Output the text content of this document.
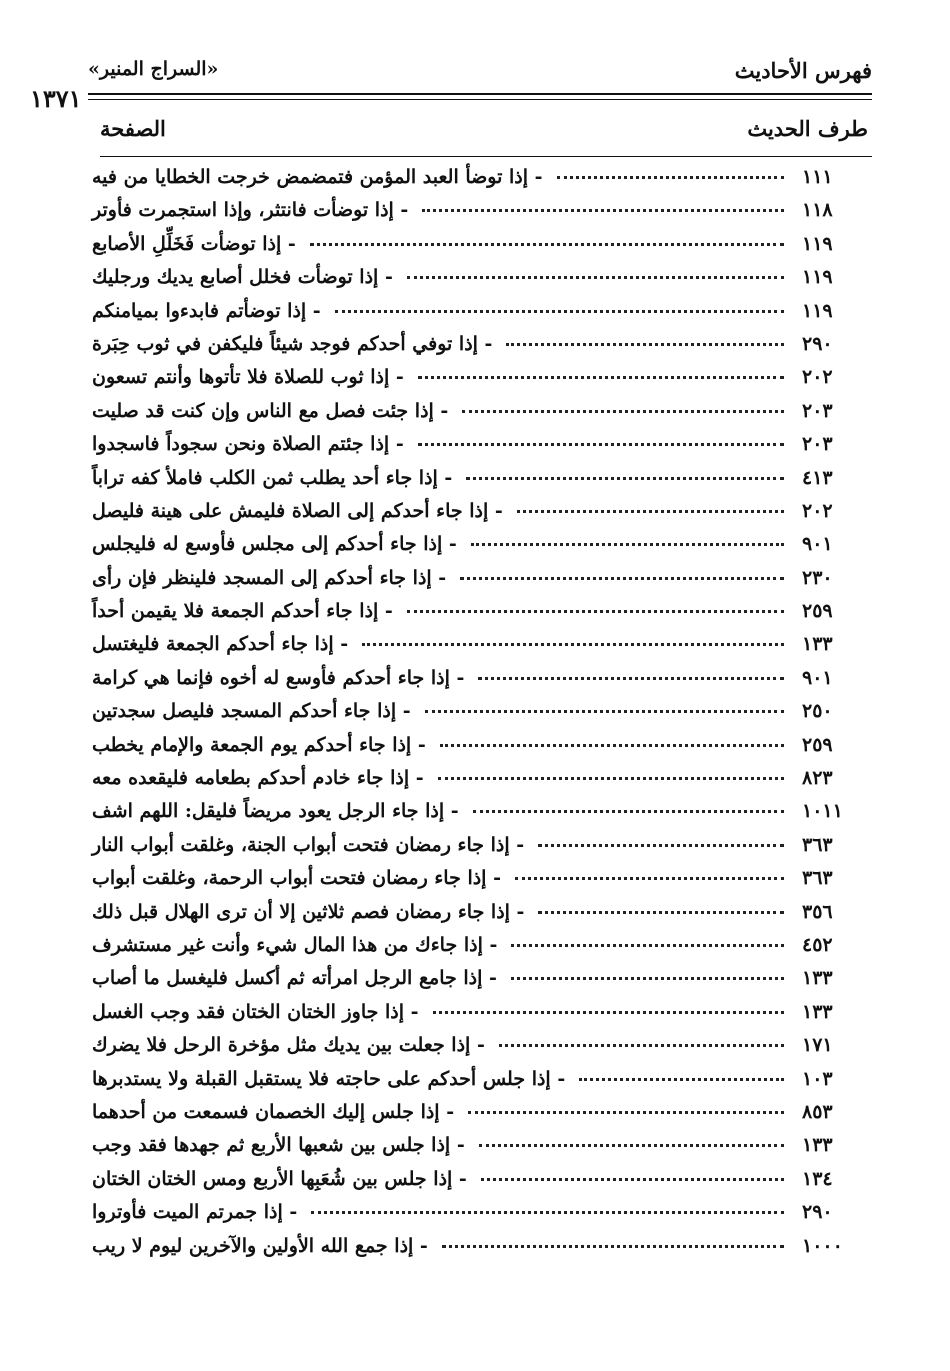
فهرس الأحاديث
«السراج المنير»
١٣٧١
طرف الحديث
الصفحة
- إذا توضأ العبد المؤمن فتمضمض خرجت الخطايا من فيه	١١١
- إذا توضأت فانتثر، وإذا استجمرت فأوتر	١١٨
- إذا توضأت فَخَلِّلِ الأصابع	١١٩
- إذا توضأت فخلل أصابع يديك ورجليك	١١٩
- إذا توضأتم فابدءوا بميامنكم	١١٩
- إذا توفي أحدكم فوجد شيئاً فليكفن في ثوب حِبَرة	٢٩٠
- إذا ثوب للصلاة فلا تأتوها وأنتم تسعون	٢٠٢
- إذا جئت فصل مع الناس وإن كنت قد صليت	٢٠٣
- إذا جئتم الصلاة ونحن سجوداً فاسجدوا	٢٠٣
- إذا جاء أحد يطلب ثمن الكلب فاملأ كفه تراباً	٤١٣
- إذا جاء أحدكم إلى الصلاة فليمش على هينة فليصل	٢٠٢
- إذا جاء أحدكم إلى مجلس فأوسع له فليجلس	٩٠١
- إذا جاء أحدكم إلى المسجد فلينظر فإن رأى	٢٣٠
- إذا جاء أحدكم الجمعة فلا يقيمن أحداً	٢٥٩
- إذا جاء أحدكم الجمعة فليغتسل	١٣٣
- إذا جاء أحدكم فأوسع له أخوه فإنما هي كرامة	٩٠١
- إذا جاء أحدكم المسجد فليصل سجدتين	٢٥٠
- إذا جاء أحدكم يوم الجمعة والإمام يخطب	٢٥٩
- إذا جاء خادم أحدكم بطعامه فليقعده معه	٨٢٣
- إذا جاء الرجل يعود مريضاً فليقل: اللهم اشف	١٠١١
- إذا جاء رمضان فتحت أبواب الجنة، وغلقت أبواب النار	٣٦٣
- إذا جاء رمضان فتحت أبواب الرحمة، وغلقت أبواب	٣٦٣
- إذا جاء رمضان فصم ثلاثين إلا أن ترى الهلال قبل ذلك	٣٥٦
- إذا جاءك من هذا المال شيء وأنت غير مستشرف	٤٥٢
- إذا جامع الرجل امرأته ثم أكسل فليغسل ما أصاب	١٣٣
- إذا جاوز الختان الختان فقد وجب الغسل	١٣٣
- إذا جعلت بين يديك مثل مؤخرة الرحل فلا يضرك	١٧١
- إذا جلس أحدكم على حاجته فلا يستقبل القبلة ولا يستدبرها	١٠٣
- إذا جلس إليك الخصمان فسمعت من أحدهما	٨٥٣
- إذا جلس بين شعبها الأربع ثم جهدها فقد وجب	١٣٣
- إذا جلس بين شُعَبِها الأربع ومس الختان الختان	١٣٤
- إذا جمرتم الميت فأوتروا	٢٩٠
- إذا جمع الله الأولين والآخرين ليوم لا ريب	١٠٠٠
